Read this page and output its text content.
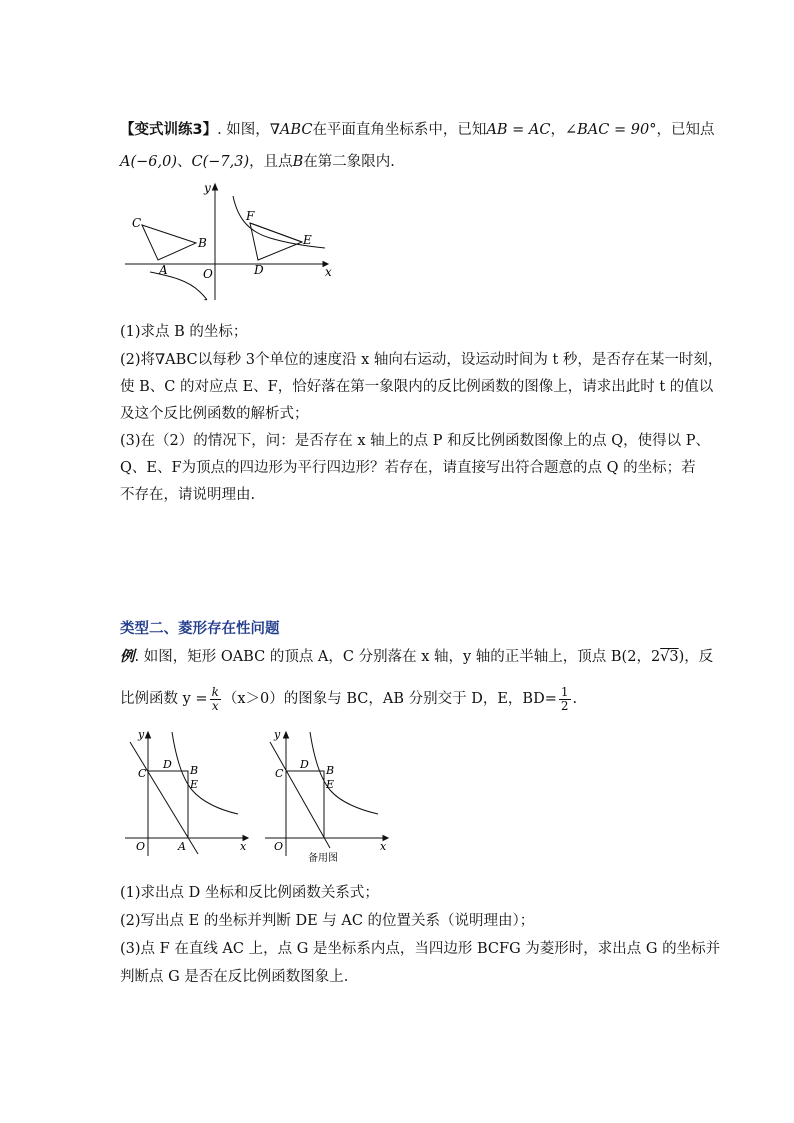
【变式训练3】. 如图，∇ABC在平面直角坐标系中，已知AB = AC，∠BAC = 90°，已知点
A(−6,0)、C(−7,3)，且点B在第二象限内.
y
x
O
C
A
B
F
E
D
(1)求点 B 的坐标；
(2)将∇ABC以每秒 3个单位的速度沿 x 轴向右运动，设运动时间为 t 秒，是否存在某一时刻，
使 B、C 的对应点 E、F，恰好落在第一象限内的反比例函数的图像上，请求出此时 t 的值以
及这个反比例函数的解析式；
(3)在（2）的情况下，问：是否存在 x 轴上的点 P 和反比例函数图像上的点 Q，使得以 P、
Q、E、F为顶点的四边形为平行四边形？若存在，请直接写出符合题意的点 Q 的坐标；若
不存在，请说明理由.
类型二、菱形存在性问题
例. 如图，矩形 OABC 的顶点 A，C 分别落在 x 轴，y 轴的正半轴上，顶点 B(2，2√3)，反
比例函数 $y = \frac{k}{x} (x>0)$的图象与 BC，AB 分别交于 D，E，$BD= \frac{1}{2}$ .
y
x
O
C
D B
E
A
y
x
O
C
D B
E
备用图
(1)求出点 D 坐标和反比例函数关系式；
(2)写出点 E 的坐标并判断 DE 与 AC 的位置关系（说明理由）；
(3)点 F 在直线 AC 上，点 G 是坐标系内点，当四边形 BCFG 为菱形时，求出点 G 的坐标并
判断点 G 是否在反比例函数图象上.
